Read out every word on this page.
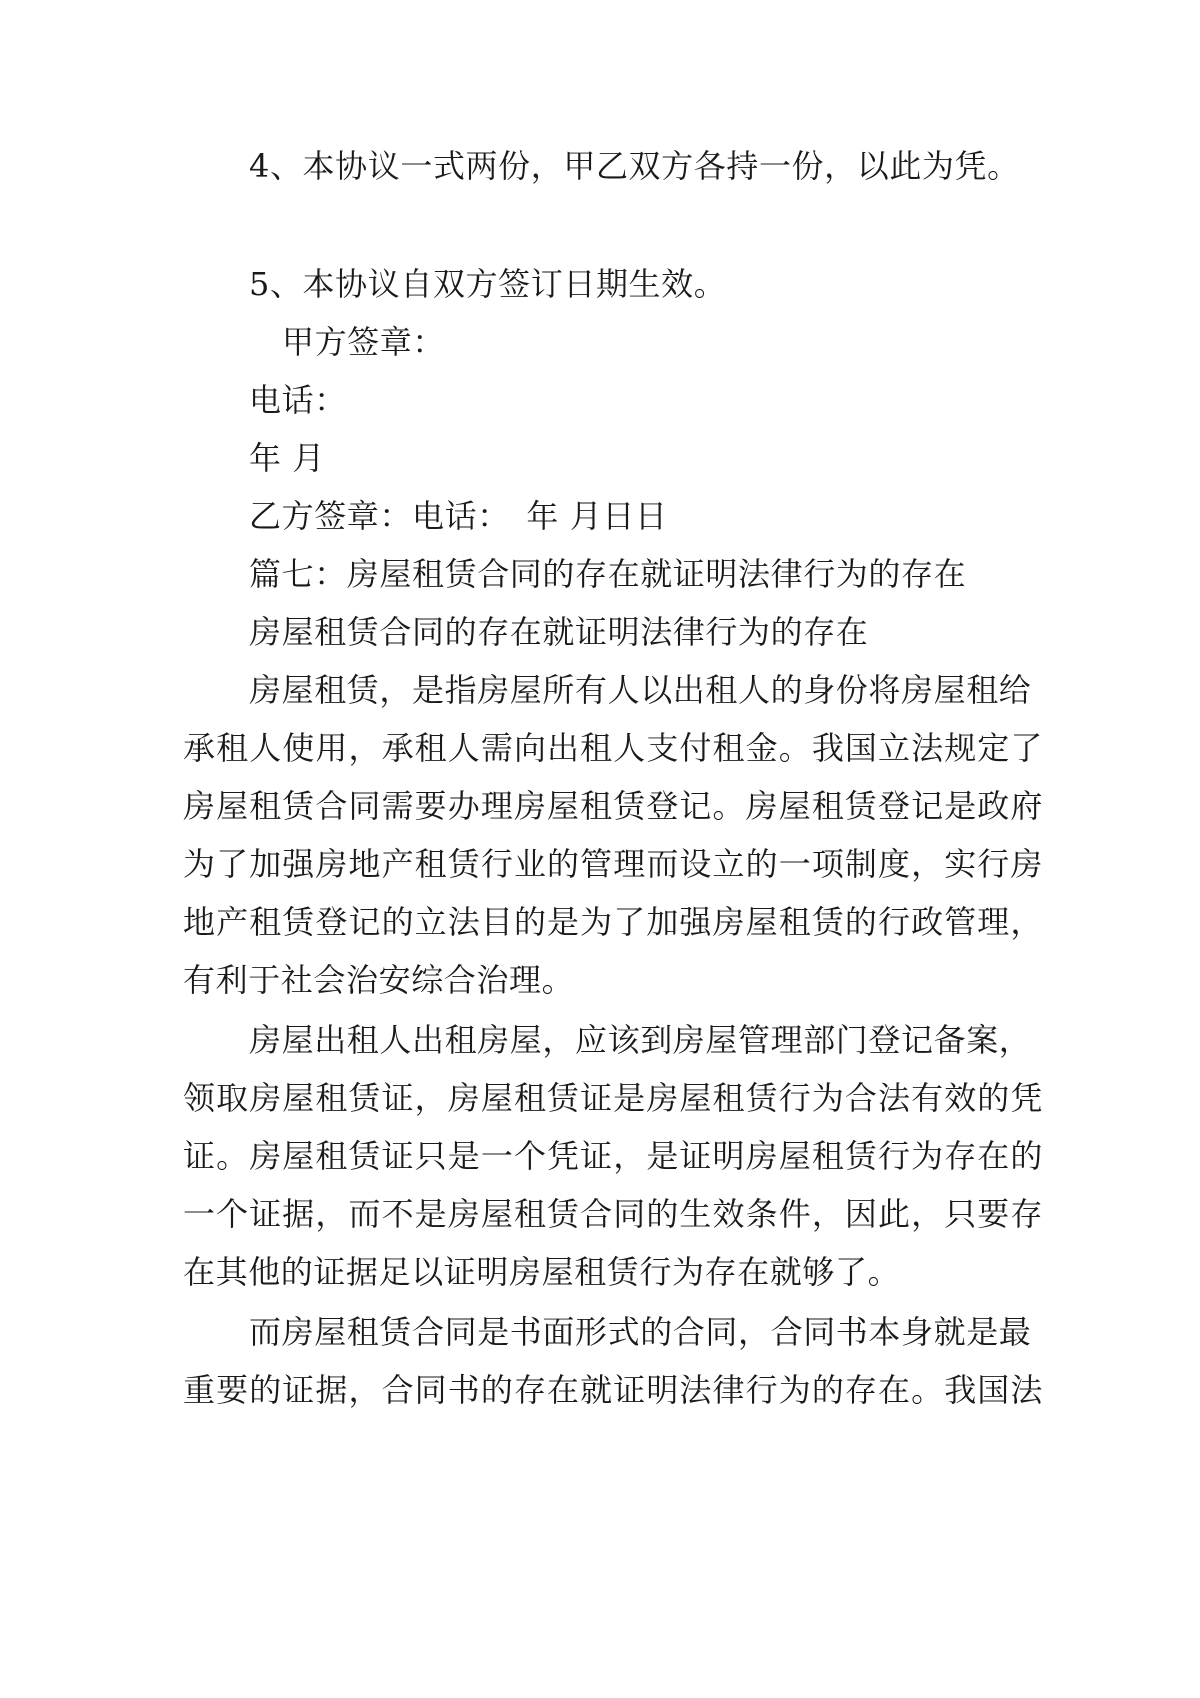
4、本协议一式两份，甲乙双方各持一份，以此为凭。
5、本协议自双方签订日期生效。
甲方签章：
电话：
年 月
乙方签章：电话：　年 月日日
篇七：房屋租赁合同的存在就证明法律行为的存在
房屋租赁合同的存在就证明法律行为的存在
房屋租赁，是指房屋所有人以出租人的身份将房屋租给
承租人使用，承租人需向出租人支付租金。我国立法规定了
房屋租赁合同需要办理房屋租赁登记。房屋租赁登记是政府
为了加强房地产租赁行业的管理而设立的一项制度，实行房
地产租赁登记的立法目的是为了加强房屋租赁的行政管理，
有利于社会治安综合治理。
房屋出租人出租房屋，应该到房屋管理部门登记备案，
领取房屋租赁证，房屋租赁证是房屋租赁行为合法有效的凭
证。房屋租赁证只是一个凭证，是证明房屋租赁行为存在的
一个证据，而不是房屋租赁合同的生效条件，因此，只要存
在其他的证据足以证明房屋租赁行为存在就够了。
而房屋租赁合同是书面形式的合同，合同书本身就是最
重要的证据，合同书的存在就证明法律行为的存在。我国法
